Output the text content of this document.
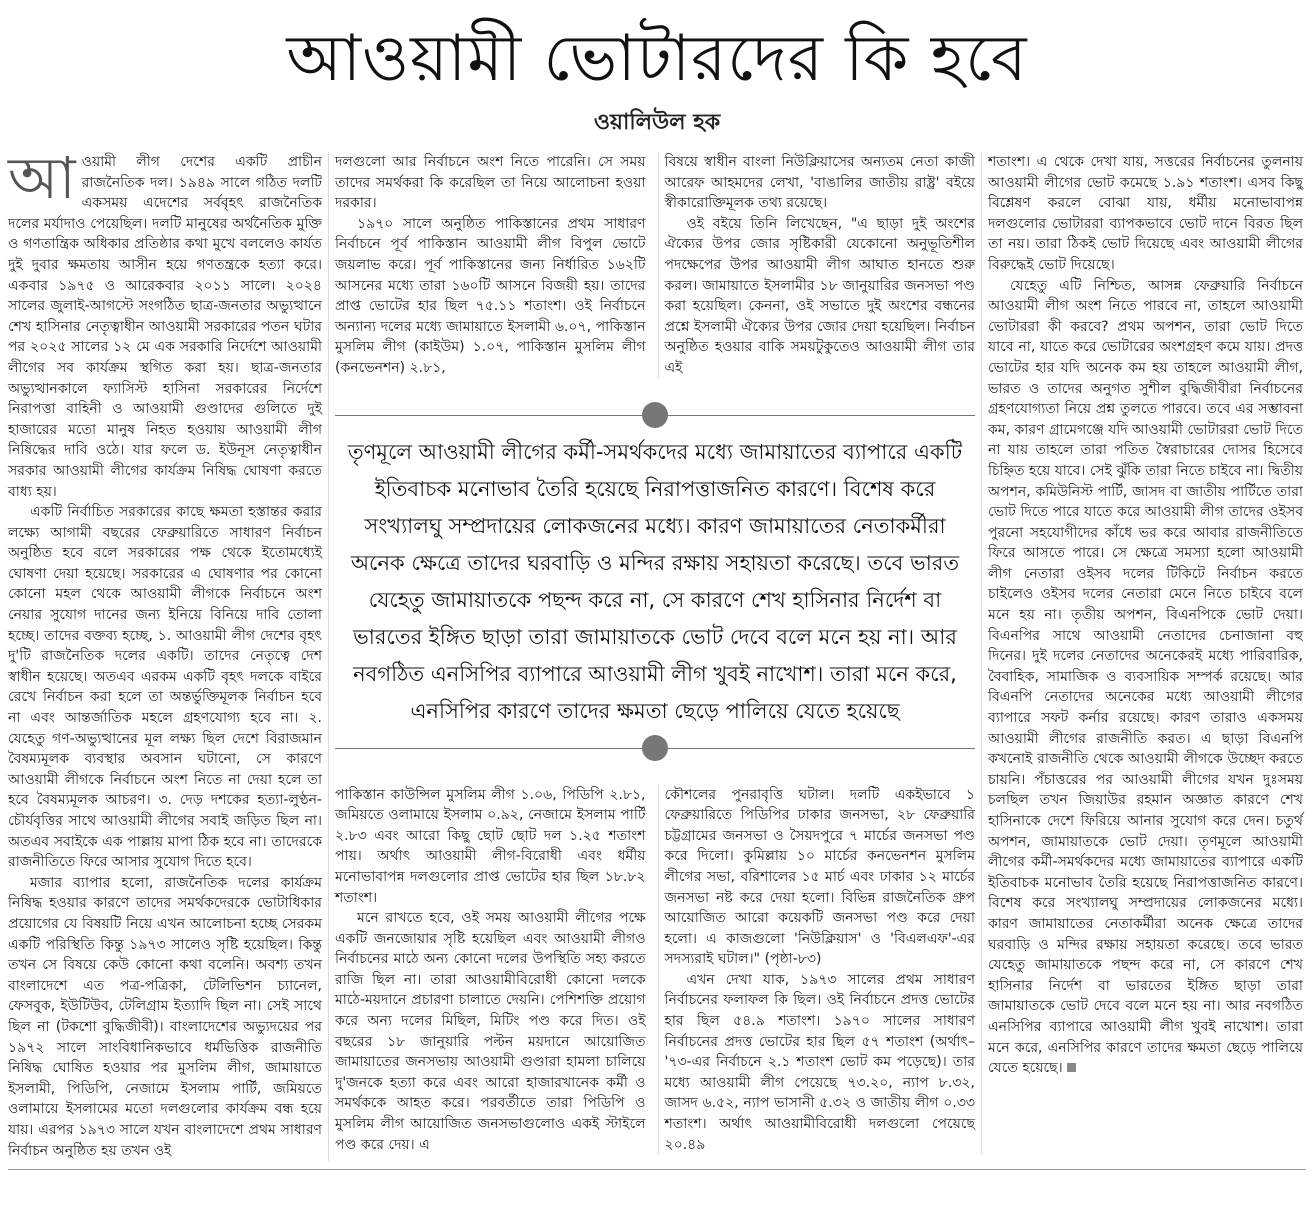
আওয়ামী ভোটারদের কি হবে
ওয়ালিউল হক

আওয়ামী লীগ দেশের একটি প্রাচীন রাজনৈতিক দল। ১৯৪৯ সালে গঠিত দলটি একসময় এদেশের সর্ববৃহৎ রাজনৈতিক দলের মর্যাদাও পেয়েছিল। দলটি মানুষের অর্থনৈতিক মুক্তি ও গণতান্ত্রিক অধিকার প্রতিষ্ঠার কথা মুখে বললেও কার্যত দুই দুবার ক্ষমতায় আসীন হয়ে গণতন্ত্রকে হত্যা করে। একবার ১৯৭৫ ও আরেকবার ২০১১ সালে। ২০২৪ সালের জুলাই-আগস্টে সংগঠিত ছাত্র-জনতার অভ্যুত্থানে শেখ হাসিনার নেতৃত্বাধীন আওয়ামী সরকারের পতন ঘটার পর ২০২৫ সালের ১২ মে এক সরকারি নির্দেশে আওয়ামী লীগের সব কার্যক্রম স্থগিত করা হয়। ছাত্র-জনতার অভ্যুত্থানকালে ফ্যাসিস্ট হাসিনা সরকারের নির্দেশে নিরাপত্তা বাহিনী ও আওয়ামী গুণ্ডাদের গুলিতে দুই হাজারের মতো মানুষ নিহত হওয়ায় আওয়ামী লীগ নিষিদ্ধের দাবি ওঠে। যার ফলে ড. ইউনূস নেতৃত্বাধীন সরকার আওয়ামী লীগের কার্যক্রম নিষিদ্ধ ঘোষণা করতে বাধ্য হয়।

একটি নির্বাচিত সরকারের কাছে ক্ষমতা হস্তান্তর করার লক্ষ্যে আগামী বছরের ফেব্রুয়ারিতে সাধারণ নির্বাচন অনুষ্ঠিত হবে বলে সরকারের পক্ষ থেকে ইতোমধ্যেই ঘোষণা দেয়া হয়েছে। সরকারের এ ঘোষণার পর কোনো কোনো মহল থেকে আওয়ামী লীগকে নির্বাচনে অংশ নেয়ার সুযোগ দানের জন্য ইনিয়ে বিনিয়ে দাবি তোলা হচ্ছে। তাদের বক্তব্য হচ্ছে, ১. আওয়ামী লীগ দেশের বৃহৎ দু'টি রাজনৈতিক দলের একটি। তাদের নেতৃত্বে দেশ স্বাধীন হয়েছে। অতএব এরকম একটি বৃহৎ দলকে বাইরে রেখে নির্বাচন করা হলে তা অন্তর্ভুক্তিমূলক নির্বাচন হবে না এবং আন্তর্জাতিক মহলে গ্রহণযোগ্য হবে না। ২. যেহেতু গণ-অভ্যুত্থানের মূল লক্ষ্য ছিল দেশে বিরাজমান বৈষম্যমূলক ব্যবস্থার অবসান ঘটানো, সে কারণে আওয়ামী লীগকে নির্বাচনে অংশ নিতে না দেয়া হলে তা হবে বৈষম্যমূলক আচরণ। ৩. দেড় দশকের হত্যা-লুণ্ঠন-চৌর্যবৃত্তির সাথে আওয়ামী লীগের সবাই জড়িত ছিল না। অতএব সবাইকে এক পাল্লায় মাপা ঠিক হবে না। তাদেরকে রাজনীতিতে ফিরে আসার সুযোগ দিতে হবে।

মজার ব্যাপার হলো, রাজনৈতিক দলের কার্যক্রম নিষিদ্ধ হওয়ার কারণে তাদের সমর্থকদেরকে ভোটাধিকার প্রয়োগের যে বিষয়টি নিয়ে এখন আলোচনা হচ্ছে সেরকম একটি পরিস্থিতি কিন্তু ১৯৭৩ সালেও সৃষ্টি হয়েছিল। কিন্তু তখন সে বিষয়ে কেউ কোনো কথা বলেনি। অবশ্য তখন বাংলাদেশে এত পত্র-পত্রিকা, টেলিভিশন চ্যানেল, ফেসবুক, ইউটিউব, টেলিগ্রাম ইত্যাদি ছিল না। সেই সাথে ছিল না (টকশো বুদ্ধিজীবী)। বাংলাদেশের অভ্যুদয়ের পর ১৯৭২ সালে সাংবিধানিকভাবে ধর্মভিত্তিক রাজনীতি নিষিদ্ধ ঘোষিত হওয়ার পর মুসলিম লীগ, জামায়াতে ইসলামী, পিডিপি, নেজামে ইসলাম পার্টি, জমিয়তে ওলামায়ে ইসলামের মতো দলগুলোর কার্যক্রম বন্ধ হয়ে যায়। এরপর ১৯৭৩ সালে যখন বাংলাদেশে প্রথম সাধারণ নির্বাচন অনুষ্ঠিত হয় তখন ওই

দলগুলো আর নির্বাচনে অংশ নিতে পারেনি। সে সময় তাদের সমর্থকরা কি করেছিল তা নিয়ে আলোচনা হওয়া দরকার।

১৯৭০ সালে অনুষ্ঠিত পাকিস্তানের প্রথম সাধারণ নির্বাচনে পূর্ব পাকিস্তান আওয়ামী লীগ বিপুল ভোটে জয়লাভ করে। পূর্ব পাকিস্তানের জন্য নির্ধারিত ১৬২টি আসনের মধ্যে তারা ১৬০টি আসনে বিজয়ী হয়। তাদের প্রাপ্ত ভোটের হার ছিল ৭৫.১১ শতাংশ। ওই নির্বাচনে অন্যান্য দলের মধ্যে জামায়াতে ইসলামী ৬.০৭, পাকিস্তান মুসলিম লীগ (কাইউম) ১.০৭, পাকিস্তান মুসলিম লীগ (কনভেনশন) ২.৮১,

বিষয়ে স্বাধীন বাংলা নিউক্লিয়াসের অন্যতম নেতা কাজী আরেফ আহমদের লেখা, 'বাঙালির জাতীয় রাষ্ট্র' বইয়ে স্বীকারোক্তিমূলক তথ্য রয়েছে।

ওই বইয়ে তিনি লিখেছেন, "এ ছাড়া দুই অংশের ঐক্যের উপর জোর সৃষ্টিকারী যেকোনো অনুভূতিশীল পদক্ষেপের উপর আওয়ামী লীগ আঘাত হানতে শুরু করল। জামায়াতে ইসলামীর ১৮ জানুয়ারির জনসভা পণ্ড করা হয়েছিল। কেননা, ওই সভাতে দুই অংশের বন্ধনের প্রশ্নে ইসলামী ঐক্যের উপর জোর দেয়া হয়েছিল। নির্বাচন অনুষ্ঠিত হওয়ার বাকি সময়টুকুতেও আওয়ামী লীগ তার এই

তৃণমূলে আওয়ামী লীগের কর্মী-সমর্থকদের মধ্যে জামায়াতের ব্যাপারে একটি ইতিবাচক মনোভাব তৈরি হয়েছে নিরাপত্তাজনিত কারণে। বিশেষ করে সংখ্যালঘু সম্প্রদায়ের লোকজনের মধ্যে। কারণ জামায়াতের নেতাকর্মীরা অনেক ক্ষেত্রে তাদের ঘরবাড়ি ও মন্দির রক্ষায় সহায়তা করেছে। তবে ভারত যেহেতু জামায়াতকে পছন্দ করে না, সে কারণে শেখ হাসিনার নির্দেশ বা ভারতের ইঙ্গিত ছাড়া তারা জামায়াতকে ভোট দেবে বলে মনে হয় না। আর নবগঠিত এনসিপির ব্যাপারে আওয়ামী লীগ খুবই নাখোশ। তারা মনে করে, এনসিপির কারণে তাদের ক্ষমতা ছেড়ে পালিয়ে যেতে হয়েছে

পাকিস্তান কাউন্সিল মুসলিম লীগ ১.০৬, পিডিপি ২.৮১, জমিয়তে ওলামায়ে ইসলাম ০.৯২, নেজামে ইসলাম পার্টি ২.৮৩ এবং আরো কিছু ছোট ছোট দল ১.২৫ শতাংশ পায়। অর্থাৎ আওয়ামী লীগ-বিরোধী এবং ধর্মীয় মনোভাবাপন্ন দলগুলোর প্রাপ্ত ভোটের হার ছিল ১৮.৮২ শতাংশ।

মনে রাখতে হবে, ওই সময় আওয়ামী লীগের পক্ষে একটি জনজোয়ার সৃষ্টি হয়েছিল এবং আওয়ামী লীগও নির্বাচনের মাঠে অন্য কোনো দলের উপস্থিতি সহ্য করতে রাজি ছিল না। তারা আওয়ামীবিরোধী কোনো দলকে মাঠে-ময়দানে প্রচারণা চালাতে দেয়নি। পেশিশক্তি প্রয়োগ করে অন্য দলের মিছিল, মিটিং পণ্ড করে দিত। ওই বছরের ১৮ জানুয়ারি পল্টন ময়দানে আয়োজিত জামায়াতের জনসভায় আওয়ামী গুণ্ডারা হামলা চালিয়ে দু'জনকে হত্যা করে এবং আরো হাজারখানেক কর্মী ও সমর্থককে আহত করে। পরবর্তীতে তারা পিডিপি ও মুসলিম লীগ আয়োজিত জনসভাগুলোও একই স্টাইলে পণ্ড করে দেয়। এ

কৌশলের পুনরাবৃত্তি ঘটাল। দলটি একইভাবে ১ ফেব্রুয়ারিতে পিডিপির ঢাকার জনসভা, ২৮ ফেব্রুয়ারি চট্টগ্রামের জনসভা ও সৈয়দপুরে ৭ মার্চের জনসভা পণ্ড করে দিলো। কুমিল্লায় ১০ মার্চের কনভেনশন মুসলিম লীগের সভা, বরিশালের ১৫ মার্চ এবং ঢাকার ১২ মার্চের জনসভা নষ্ট করে দেয়া হলো। বিভিন্ন রাজনৈতিক গ্রুপ আয়োজিত আরো কয়েকটি জনসভা পণ্ড করে দেয়া হলো। এ কাজগুলো 'নিউক্লিয়াস' ও 'বিএলএফ'-এর সদস্যরাই ঘটাল।" (পৃষ্ঠা-৮৩)

এখন দেখা যাক, ১৯৭৩ সালের প্রথম সাধারণ নির্বাচনের ফলাফল কি ছিল। ওই নির্বাচনে প্রদত্ত ভোটের হার ছিল ৫৪.৯ শতাংশ। ১৯৭০ সালের সাধারণ নির্বাচনের প্রদত্ত ভোটের হার ছিল ৫৭ শতাংশ (অর্থাৎ– '৭৩-এর নির্বাচনে ২.১ শতাংশ ভোট কম পড়েছে)। তার মধ্যে আওয়ামী লীগ পেয়েছে ৭৩.২০, ন্যাপ ৮.৩২, জাসদ ৬.৫২, ন্যাপ ভাসানী ৫.৩২ ও জাতীয় লীগ ০.৩৩ শতাংশ। অর্থাৎ আওয়ামীবিরোধী দলগুলো পেয়েছে ২০.৪৯

শতাংশ। এ থেকে দেখা যায়, সত্তরের নির্বাচনের তুলনায় আওয়ামী লীগের ভোট কমেছে ১.৯১ শতাংশ। এসব কিছু বিশ্লেষণ করলে বোঝা যায়, ধর্মীয় মনোভাবাপন্ন দলগুলোর ভোটাররা ব্যাপকভাবে ভোট দানে বিরত ছিল তা নয়। তারা ঠিকই ভোট দিয়েছে এবং আওয়ামী লীগের বিরুদ্ধেই ভোট দিয়েছে।

যেহেতু এটি নিশ্চিত, আসন্ন ফেব্রুয়ারি নির্বাচনে আওয়ামী লীগ অংশ নিতে পারবে না, তাহলে আওয়ামী ভোটাররা কী করবে? প্রথম অপশন, তারা ভোট দিতে যাবে না, যাতে করে ভোটারের অংশগ্রহণ কমে যায়। প্রদত্ত ভোটের হার যদি অনেক কম হয় তাহলে আওয়ামী লীগ, ভারত ও তাদের অনুগত সুশীল বুদ্ধিজীবীরা নির্বাচনের গ্রহণযোগ্যতা নিয়ে প্রশ্ন তুলতে পারবে। তবে এর সম্ভাবনা কম, কারণ গ্রামেগঞ্জে যদি আওয়ামী ভোটাররা ভোট দিতে না যায় তাহলে তারা পতিত স্বৈরাচারের দোসর হিসেবে চিহ্নিত হয়ে যাবে। সেই ঝুঁকি তারা নিতে চাইবে না। দ্বিতীয় অপশন, কমিউনিস্ট পার্টি, জাসদ বা জাতীয় পার্টিতে তারা ভোট দিতে পারে যাতে করে আওয়ামী লীগ তাদের ওইসব পুরনো সহযোগীদের কাঁধে ভর করে আবার রাজনীতিতে ফিরে আসতে পারে। সে ক্ষেত্রে সমস্যা হলো আওয়ামী লীগ নেতারা ওইসব দলের টিকিটে নির্বাচন করতে চাইলেও ওইসব দলের নেতারা মেনে নিতে চাইবে বলে মনে হয় না। তৃতীয় অপশন, বিএনপিকে ভোট দেয়া। বিএনপির সাথে আওয়ামী নেতাদের চেনাজানা বহু দিনের। দুই দলের নেতাদের অনেকেরই মধ্যে পারিবারিক, বৈবাহিক, সামাজিক ও ব্যবসায়িক সম্পর্ক রয়েছে। আর বিএনপি নেতাদের অনেকের মধ্যে আওয়ামী লীগের ব্যাপারে সফট কর্নার রয়েছে। কারণ তারাও একসময় আওয়ামী লীগের রাজনীতি করত। এ ছাড়া বিএনপি কখনোই রাজনীতি থেকে আওয়ামী লীগকে উচ্ছেদ করতে চায়নি। পঁচাত্তরের পর আওয়ামী লীগের যখন দুঃসময় চলছিল তখন জিয়াউর রহমান অজ্ঞাত কারণে শেখ হাসিনাকে দেশে ফিরিয়ে আনার সুযোগ করে দেন। চতুর্থ অপশন, জামায়াতকে ভোট দেয়া। তৃণমূলে আওয়ামী লীগের কর্মী-সমর্থকদের মধ্যে জামায়াতের ব্যাপারে একটি ইতিবাচক মনোভাব তৈরি হয়েছে নিরাপত্তাজনিত কারণে। বিশেষ করে সংখ্যালঘু সম্প্রদায়ের লোকজনের মধ্যে। কারণ জামায়াতের নেতাকর্মীরা অনেক ক্ষেত্রে তাদের ঘরবাড়ি ও মন্দির রক্ষায় সহায়তা করেছে। তবে ভারত যেহেতু জামায়াতকে পছন্দ করে না, সে কারণে শেখ হাসিনার নির্দেশ বা ভারতের ইঙ্গিত ছাড়া তারা জামায়াতকে ভোট দেবে বলে মনে হয় না। আর নবগঠিত এনসিপির ব্যাপারে আওয়ামী লীগ খুবই নাখোশ। তারা মনে করে, এনসিপির কারণে তাদের ক্ষমতা ছেড়ে পালিয়ে যেতে হয়েছে।
